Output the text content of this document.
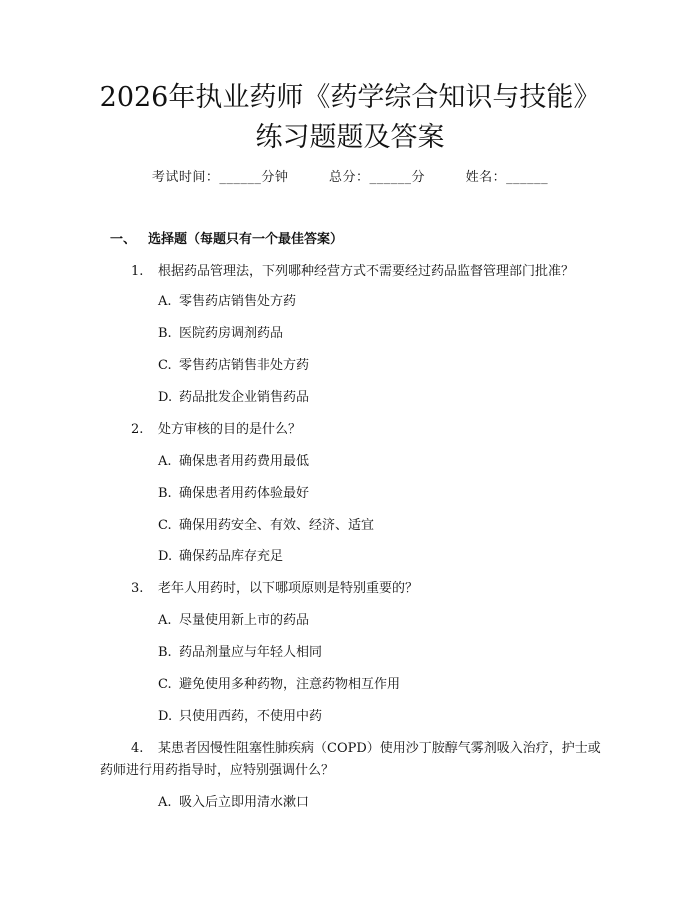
2026年执业药师《药学综合知识与技能》练习题题及答案
考试时间：______分钟	总分：______分	姓名：______
一、 选择题（每题只有一个最佳答案）
1. 根据药品管理法，下列哪种经营方式不需要经过药品监督管理部门批准？
A. 零售药店销售处方药
B. 医院药房调剂药品
C. 零售药店销售非处方药
D. 药品批发企业销售药品
2. 处方审核的目的是什么？
A. 确保患者用药费用最低
B. 确保患者用药体验最好
C. 确保用药安全、有效、经济、适宜
D. 确保药品库存充足
3. 老年人用药时，以下哪项原则是特别重要的？
A. 尽量使用新上市的药品
B. 药品剂量应与年轻人相同
C. 避免使用多种药物，注意药物相互作用
D. 只使用西药，不使用中药
4. 某患者因慢性阻塞性肺疾病（COPD）使用沙丁胺醇气雾剂吸入治疗，护士或药师进行用药指导时，应特别强调什么？
A. 吸入后立即用清水漱口
